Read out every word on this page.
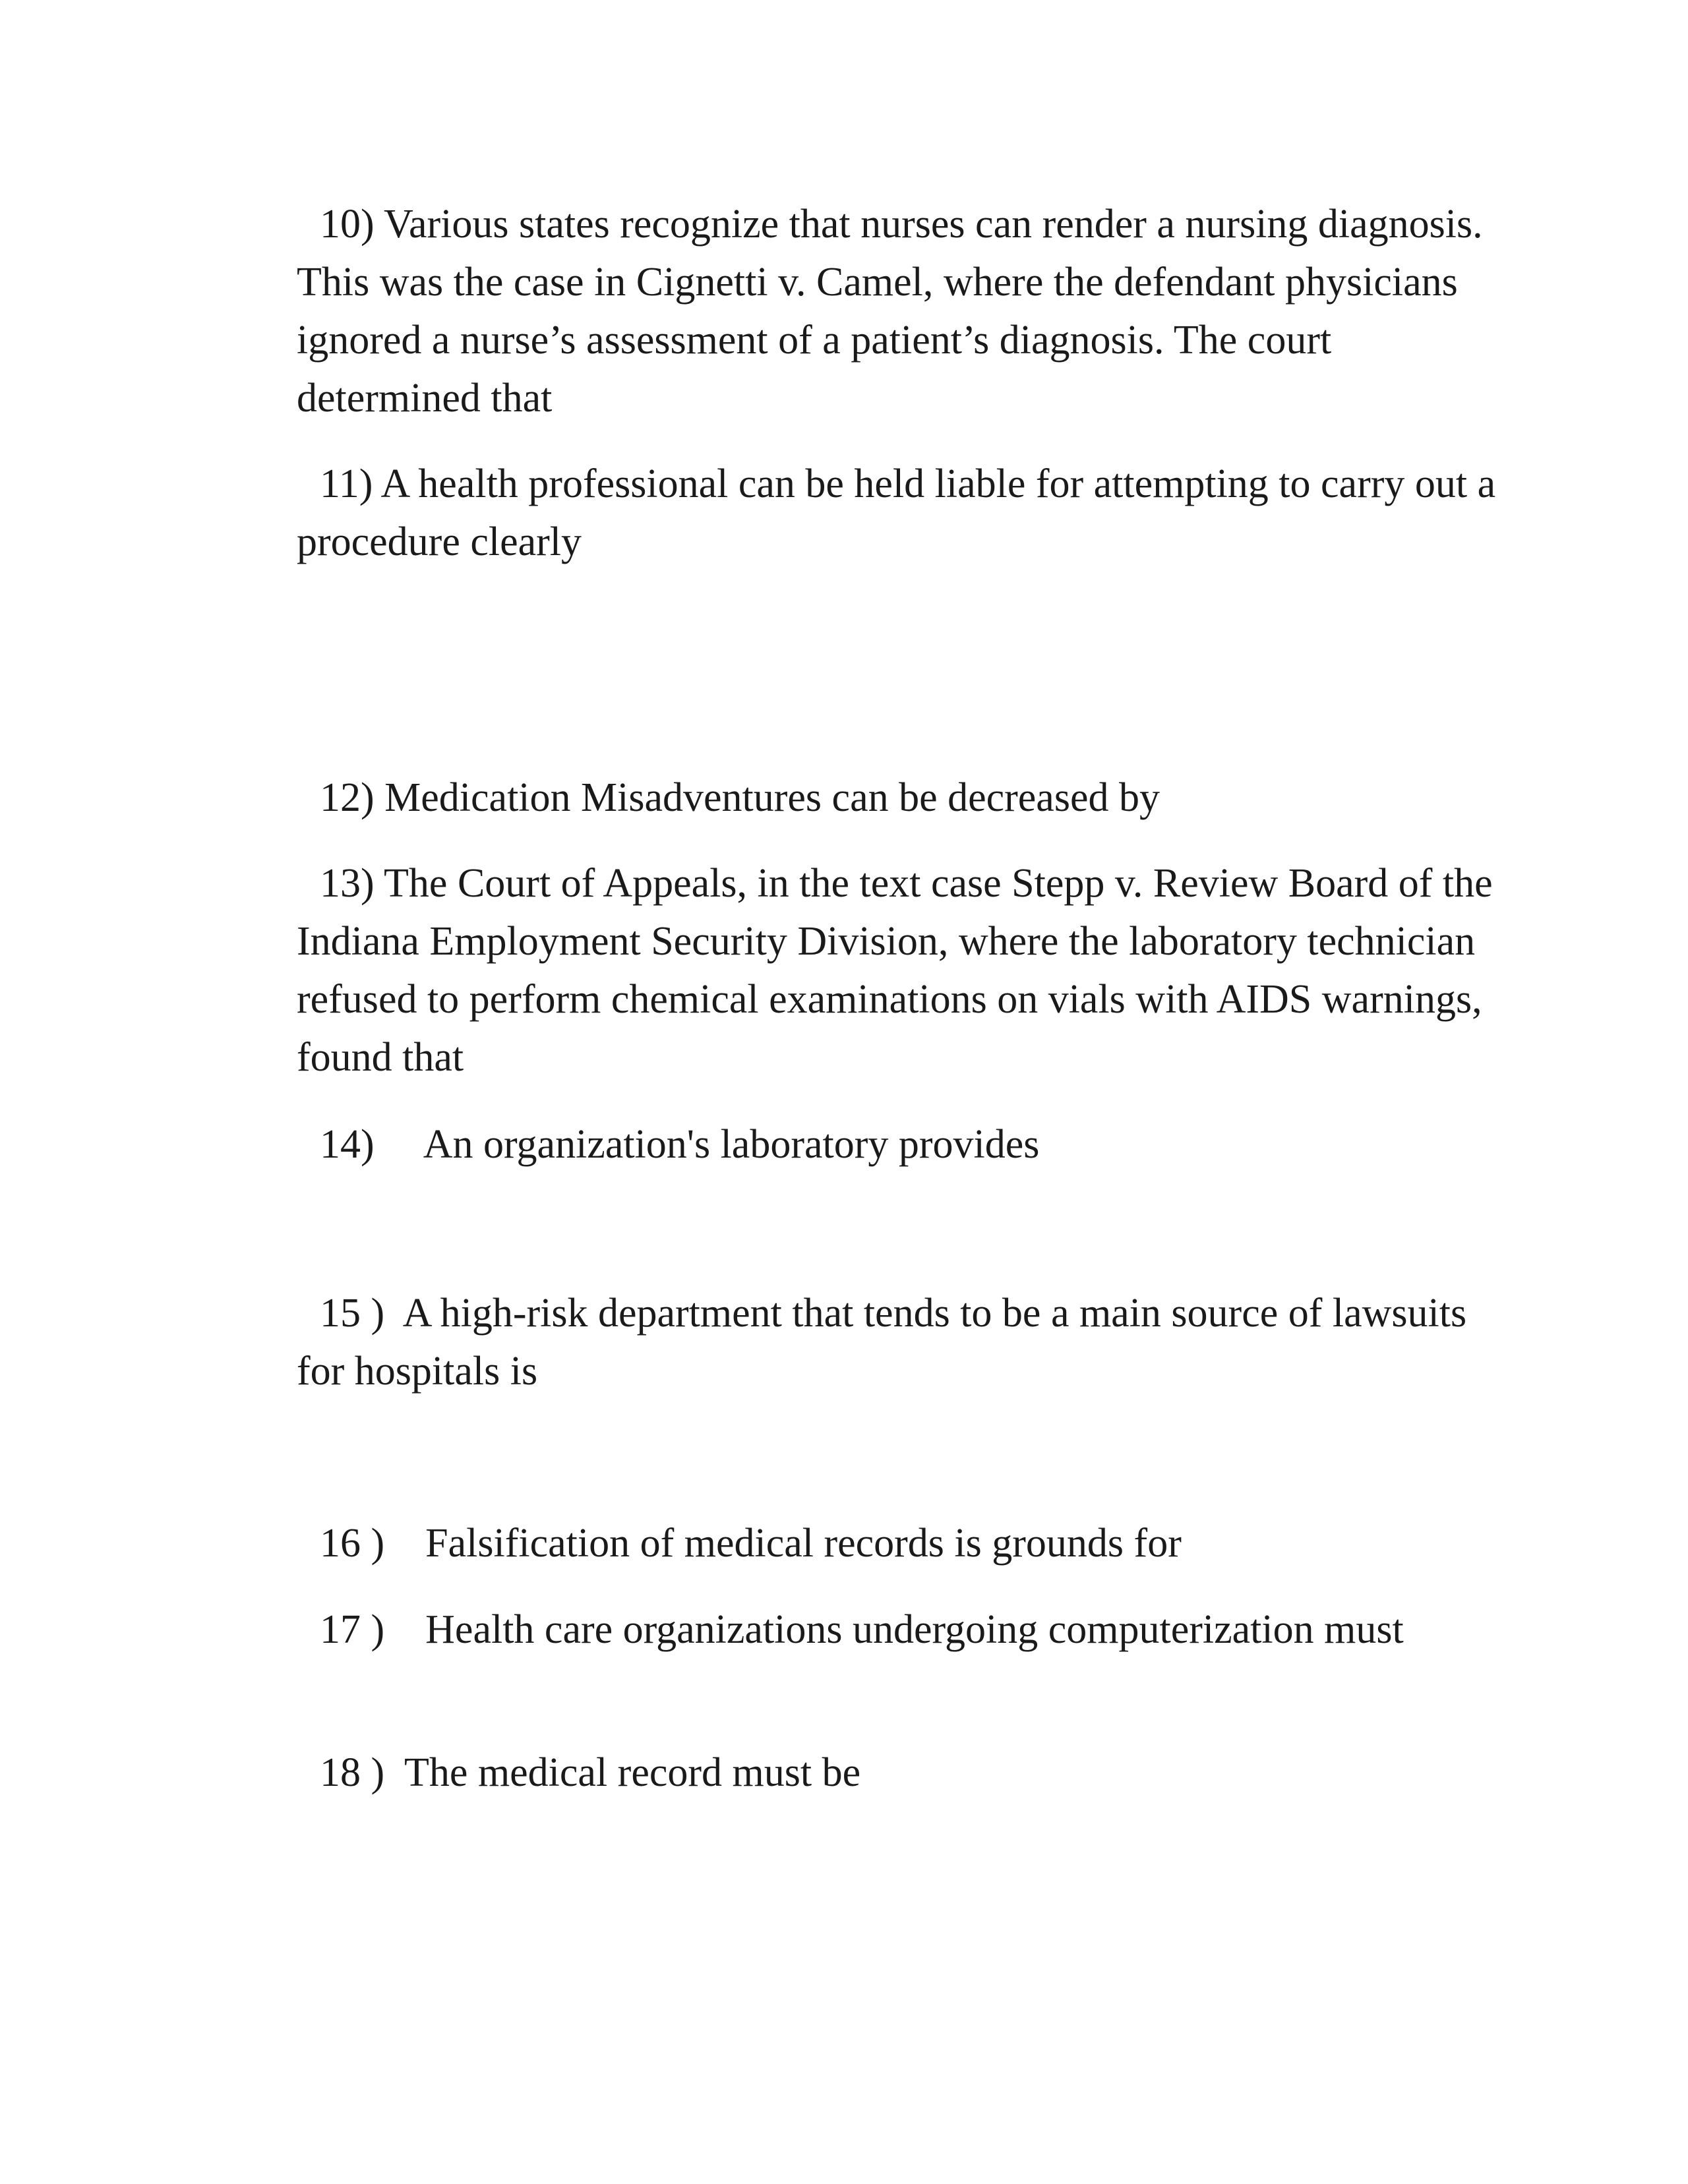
10) Various states recognize that nurses can render a nursing diagnosis. This was the case in Cignetti v. Camel, where the defendant physicians ignored a nurse’s assessment of a patient’s diagnosis. The court determined that

11) A health professional can be held liable for attempting to carry out a procedure clearly

12) Medication Misadventures can be decreased by

13) The Court of Appeals, in the text case Stepp v. Review Board of the Indiana Employment Security Division, where the laboratory technician refused to perform chemical examinations on vials with AIDS warnings, found that

14) An organization's laboratory provides

15 ) A high-risk department that tends to be a main source of lawsuits for hospitals is

16 ) Falsification of medical records is grounds for

17 ) Health care organizations undergoing computerization must

18 ) The medical record must be
